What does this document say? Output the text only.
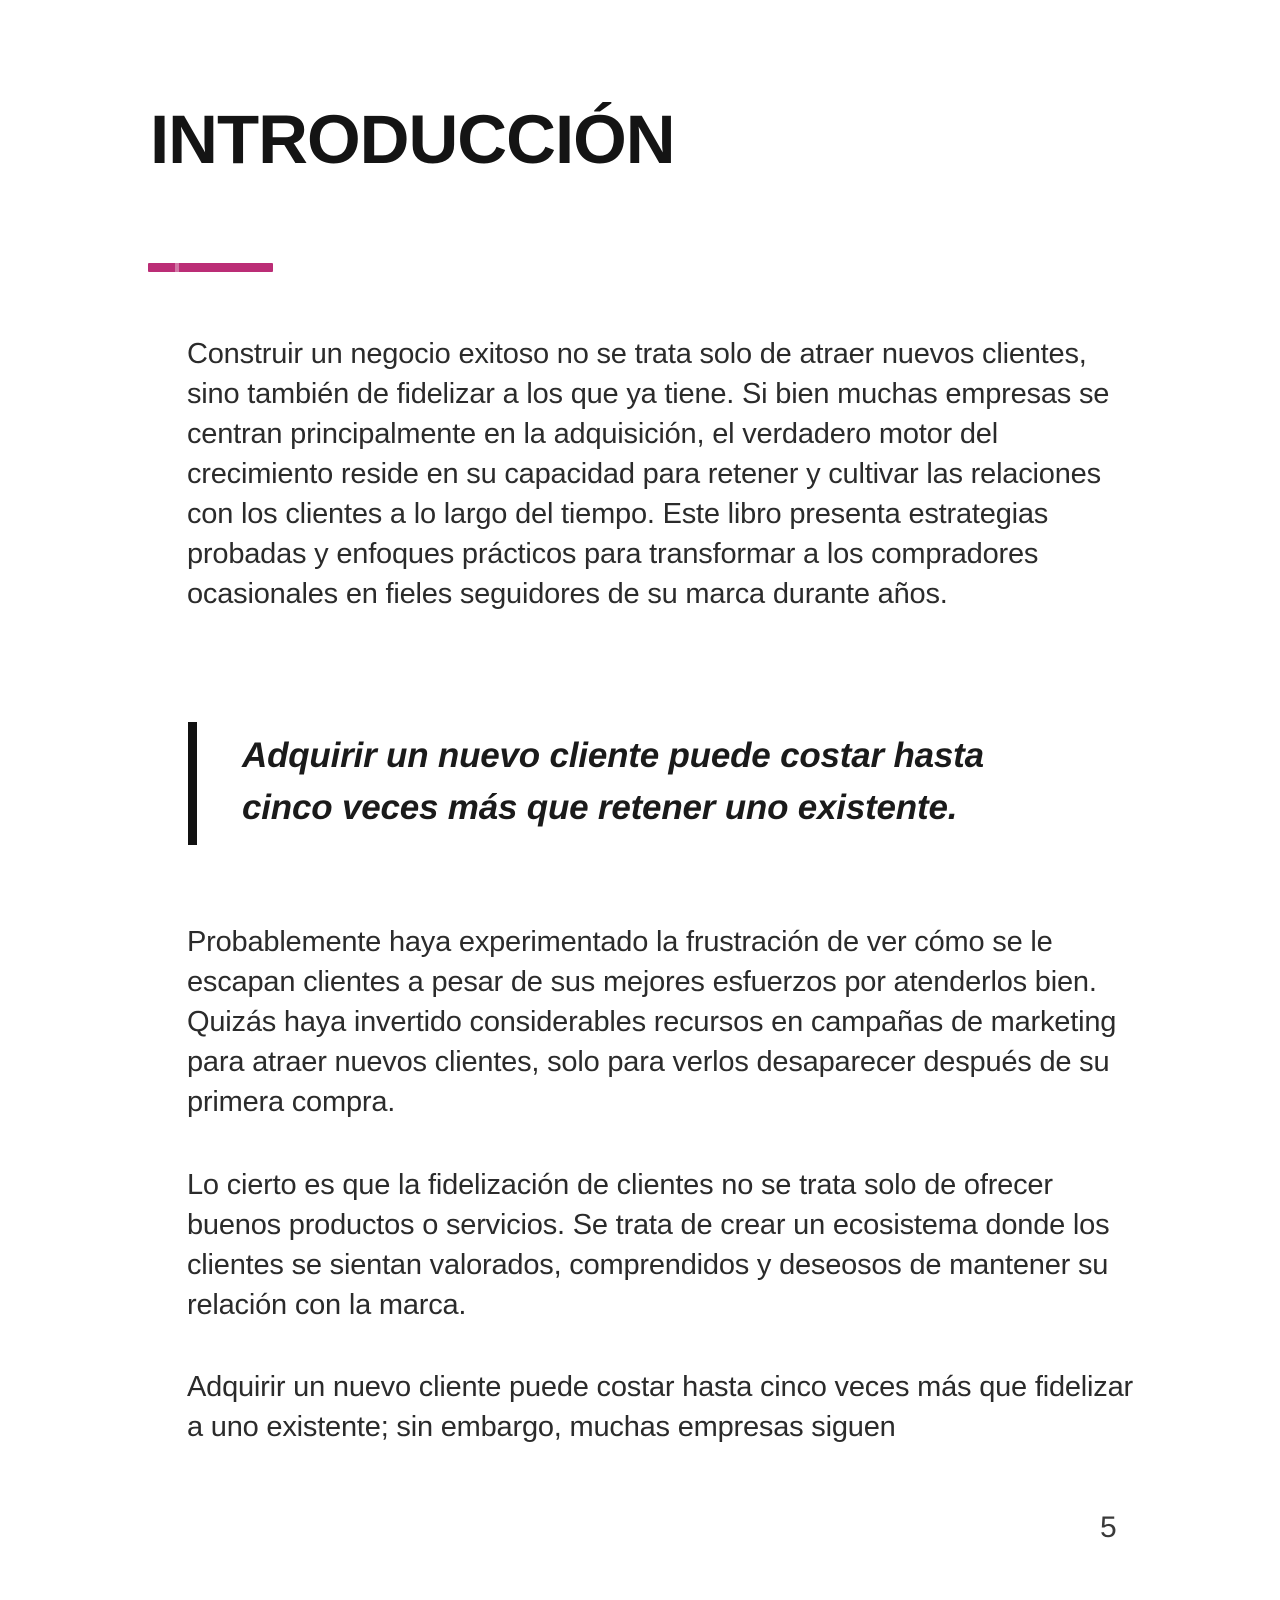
INTRODUCCIÓN

Construir un negocio exitoso no se trata solo de atraer nuevos clientes, sino también de fidelizar a los que ya tiene. Si bien muchas empresas se centran principalmente en la adquisición, el verdadero motor del crecimiento reside en su capacidad para retener y cultivar las relaciones con los clientes a lo largo del tiempo. Este libro presenta estrategias probadas y enfoques prácticos para transformar a los compradores ocasionales en fieles seguidores de su marca durante años.

Adquirir un nuevo cliente puede costar hasta cinco veces más que retener uno existente.

Probablemente haya experimentado la frustración de ver cómo se le escapan clientes a pesar de sus mejores esfuerzos por atenderlos bien. Quizás haya invertido considerables recursos en campañas de marketing para atraer nuevos clientes, solo para verlos desaparecer después de su primera compra.

Lo cierto es que la fidelización de clientes no se trata solo de ofrecer buenos productos o servicios. Se trata de crear un ecosistema donde los clientes se sientan valorados, comprendidos y deseosos de mantener su relación con la marca.

Adquirir un nuevo cliente puede costar hasta cinco veces más que fidelizar a uno existente; sin embargo, muchas empresas siguen

5
